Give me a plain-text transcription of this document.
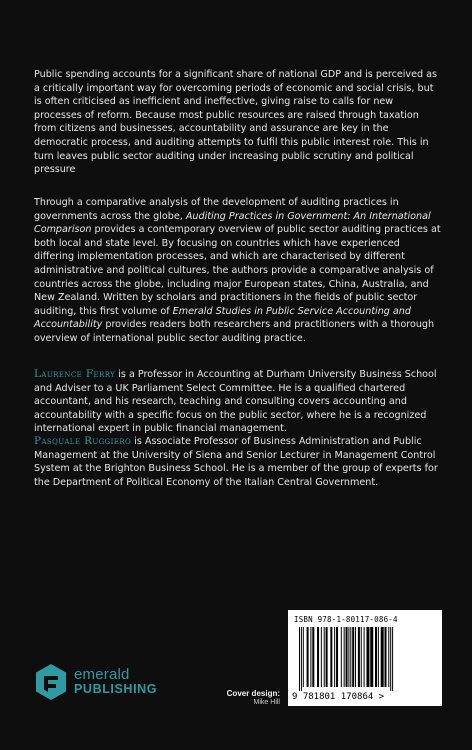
Public spending accounts for a significant share of national GDP and is perceived as a critically important way for overcoming periods of economic and social crisis, but is often criticised as inefficient and ineffective, giving raise to calls for new processes of reform. Because most public resources are raised through taxation from citizens and businesses, accountability and assurance are key in the democratic process, and auditing attempts to fulfil this public interest role. This in turn leaves public sector auditing under increasing public scrutiny and political pressure

Through a comparative analysis of the development of auditing practices in governments across the globe, Auditing Practices in Government: An International Comparison provides a contemporary overview of public sector auditing practices at both local and state level. By focusing on countries which have experienced differing implementation processes, and which are characterised by different administrative and political cultures, the authors provide a comparative analysis of countries across the globe, including major European states, China, Australia, and New Zealand. Written by scholars and practitioners in the fields of public sector auditing, this first volume of Emerald Studies in Public Service Accounting and Accountability provides readers both researchers and practitioners with a thorough overview of international public sector auditing practice.

Laurence Ferry is a Professor in Accounting at Durham University Business School and Adviser to a UK Parliament Select Committee. He is a qualified chartered accountant, and his research, teaching and consulting covers accounting and accountability with a specific focus on the public sector, where he is a recognized international expert in public financial management.

Pasquale Ruggiero is Associate Professor of Business Administration and Public Management at the University of Siena and Senior Lecturer in Management Control System at the Brighton Business School. He is a member of the group of experts for the Department of Political Economy of the Italian Central Government.

emerald
PUBLISHING	Cover design:
Mike Hill
ISBN 978-1-80117-086-4
9 781801 170864 >
